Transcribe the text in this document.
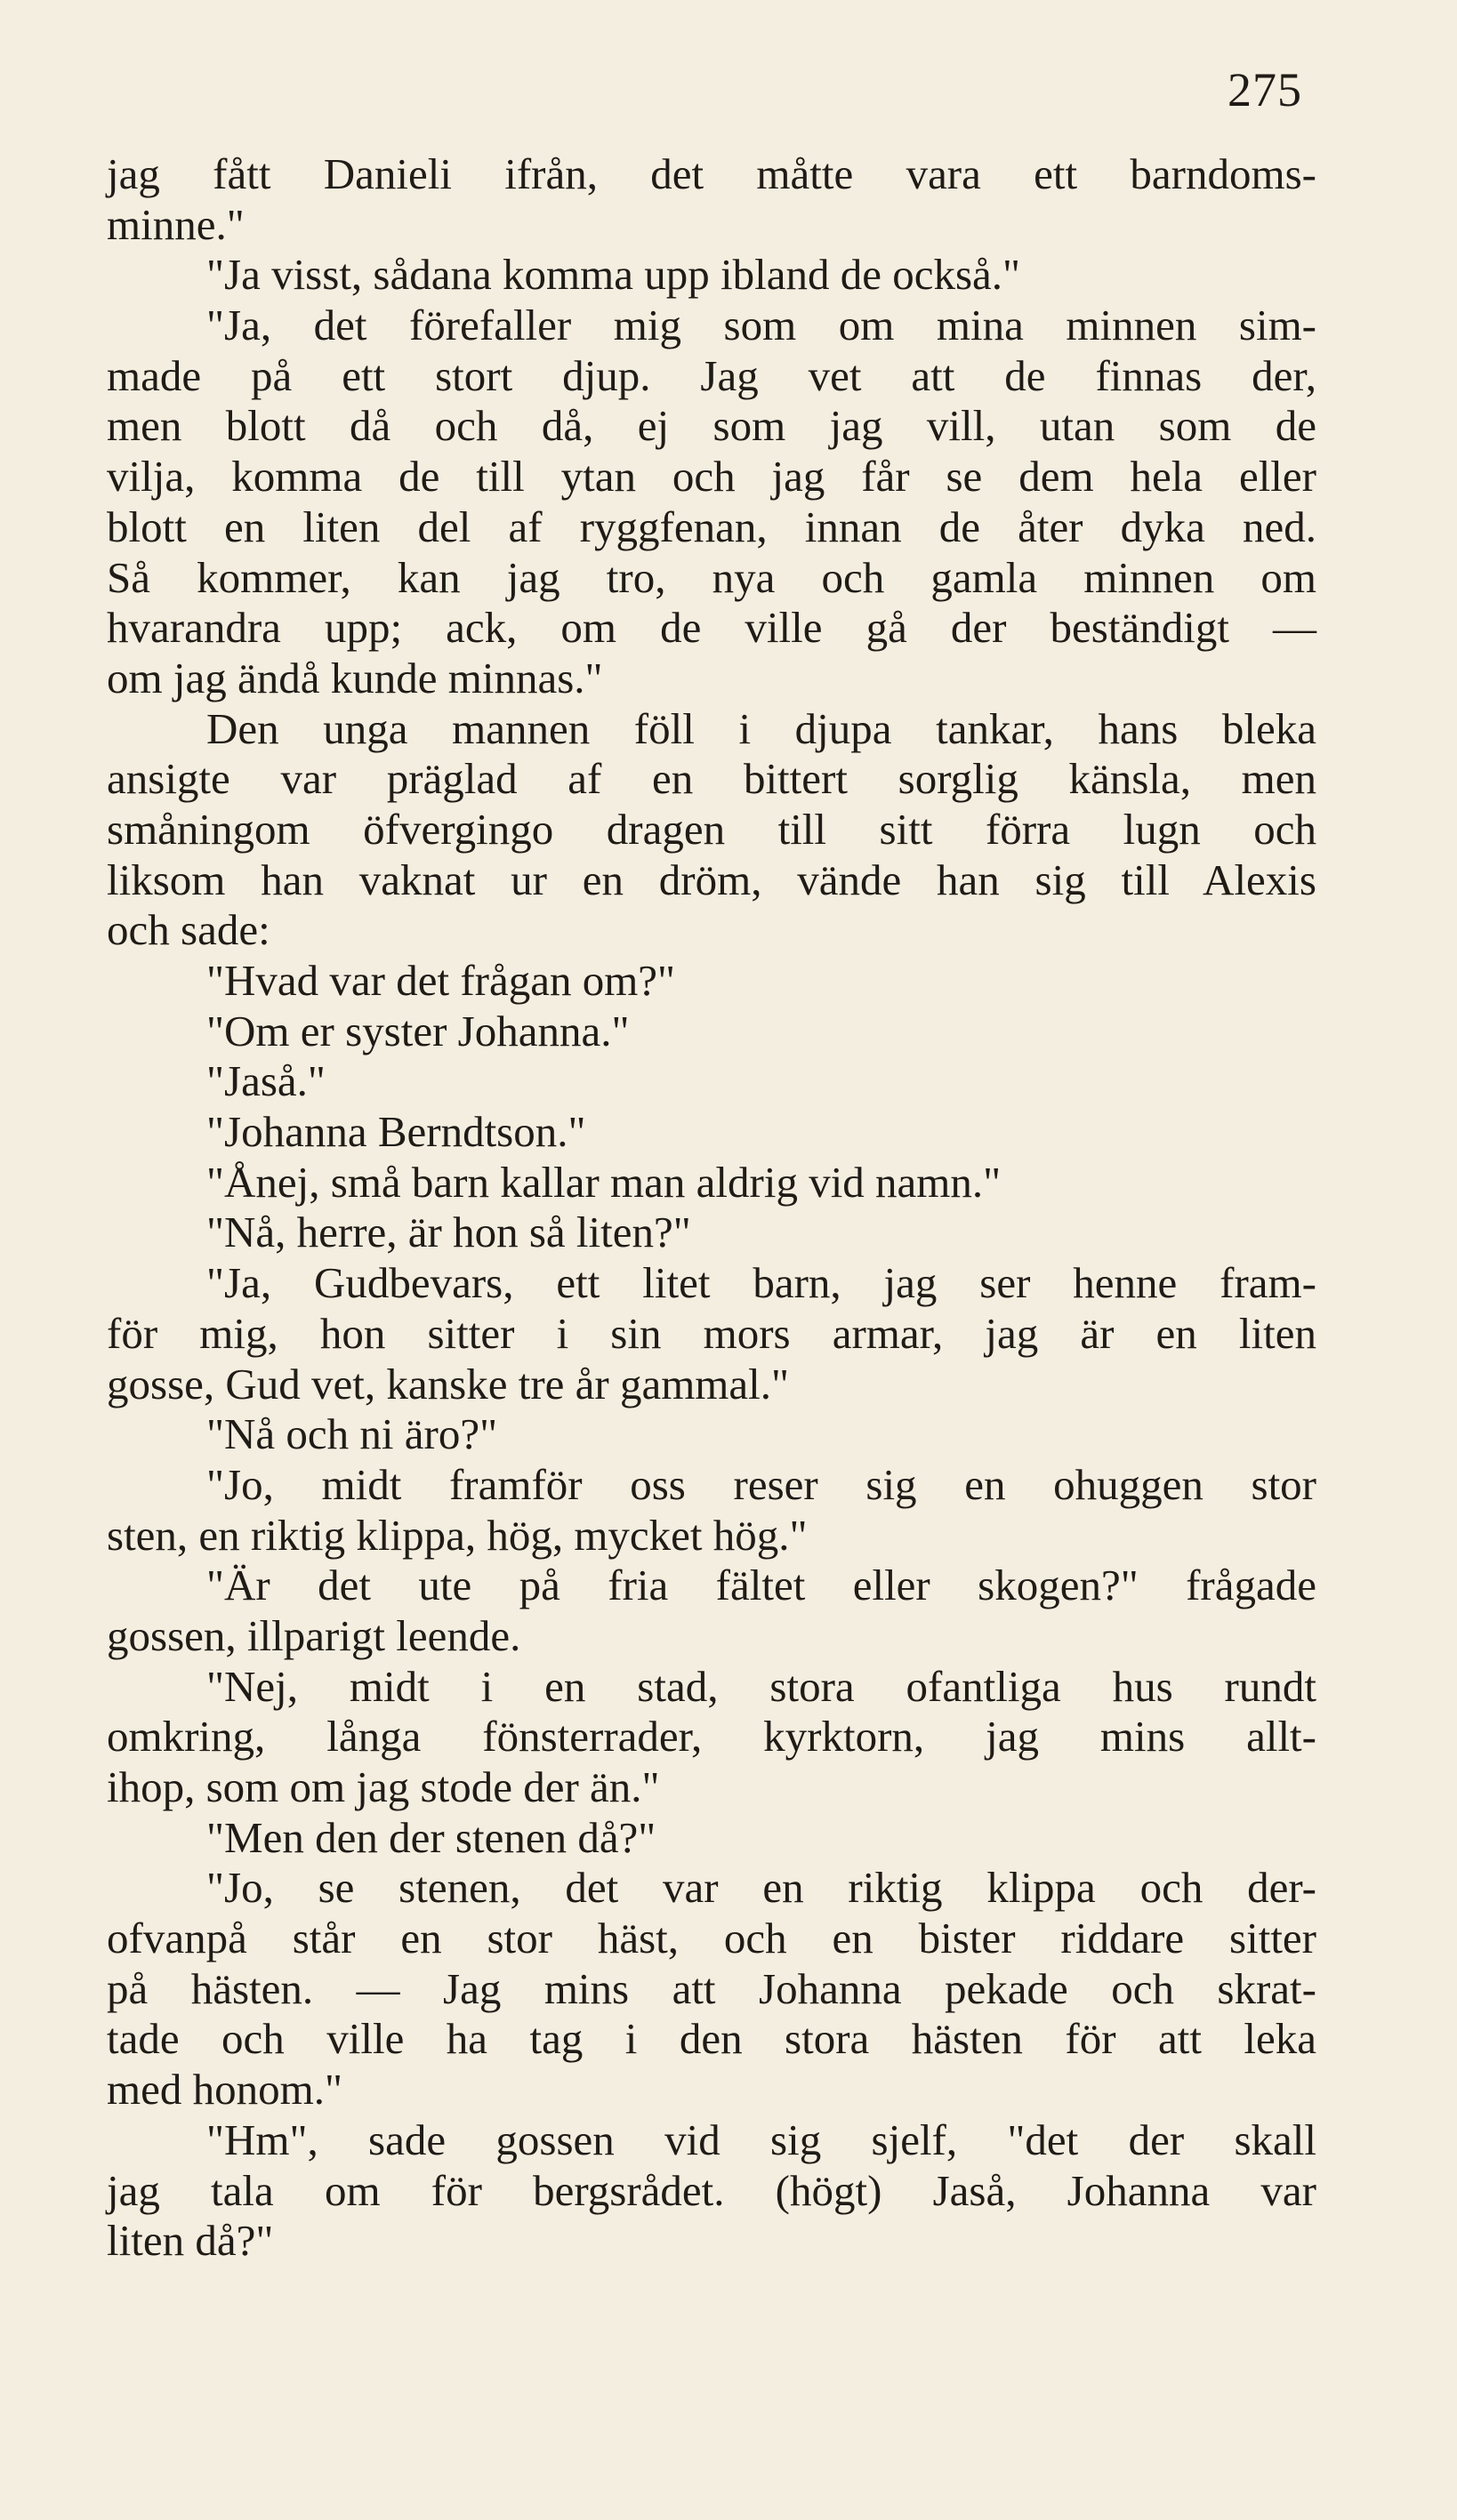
275
jag fått Danieli ifrån, det måtte vara ett barndoms-
minne."
"Ja visst, sådana komma upp ibland de också."
"Ja, det förefaller mig som om mina minnen sim-
made på ett stort djup. Jag vet att de finnas der,
men blott då och då, ej som jag vill, utan som de
vilja, komma de till ytan och jag får se dem hela eller
blott en liten del af ryggfenan, innan de åter dyka ned.
Så kommer, kan jag tro, nya och gamla minnen om
hvarandra upp; ack, om de ville gå der beständigt —
om jag ändå kunde minnas."
Den unga mannen föll i djupa tankar, hans bleka
ansigte var präglad af en bittert sorglig känsla, men
småningom öfvergingo dragen till sitt förra lugn och
liksom han vaknat ur en dröm, vände han sig till Alexis
och sade:
"Hvad var det frågan om?"
"Om er syster Johanna."
"Jaså."
"Johanna Berndtson."
"Ånej, små barn kallar man aldrig vid namn."
"Nå, herre, är hon så liten?"
"Ja, Gudbevars, ett litet barn, jag ser henne fram-
för mig, hon sitter i sin mors armar, jag är en liten
gosse, Gud vet, kanske tre år gammal."
"Nå och ni äro?"
"Jo, midt framför oss reser sig en ohuggen stor
sten, en riktig klippa, hög, mycket hög."
"Är det ute på fria fältet eller skogen?" frågade
gossen, illparigt leende.
"Nej, midt i en stad, stora ofantliga hus rundt
omkring, långa fönsterrader, kyrktorn, jag mins allt-
ihop, som om jag stode der än."
"Men den der stenen då?"
"Jo, se stenen, det var en riktig klippa och der-
ofvanpå står en stor häst, och en bister riddare sitter
på hästen. — Jag mins att Johanna pekade och skrat-
tade och ville ha tag i den stora hästen för att leka
med honom."
"Hm", sade gossen vid sig sjelf, "det der skall
jag tala om för bergsrådet. (högt) Jaså, Johanna var
liten då?"
